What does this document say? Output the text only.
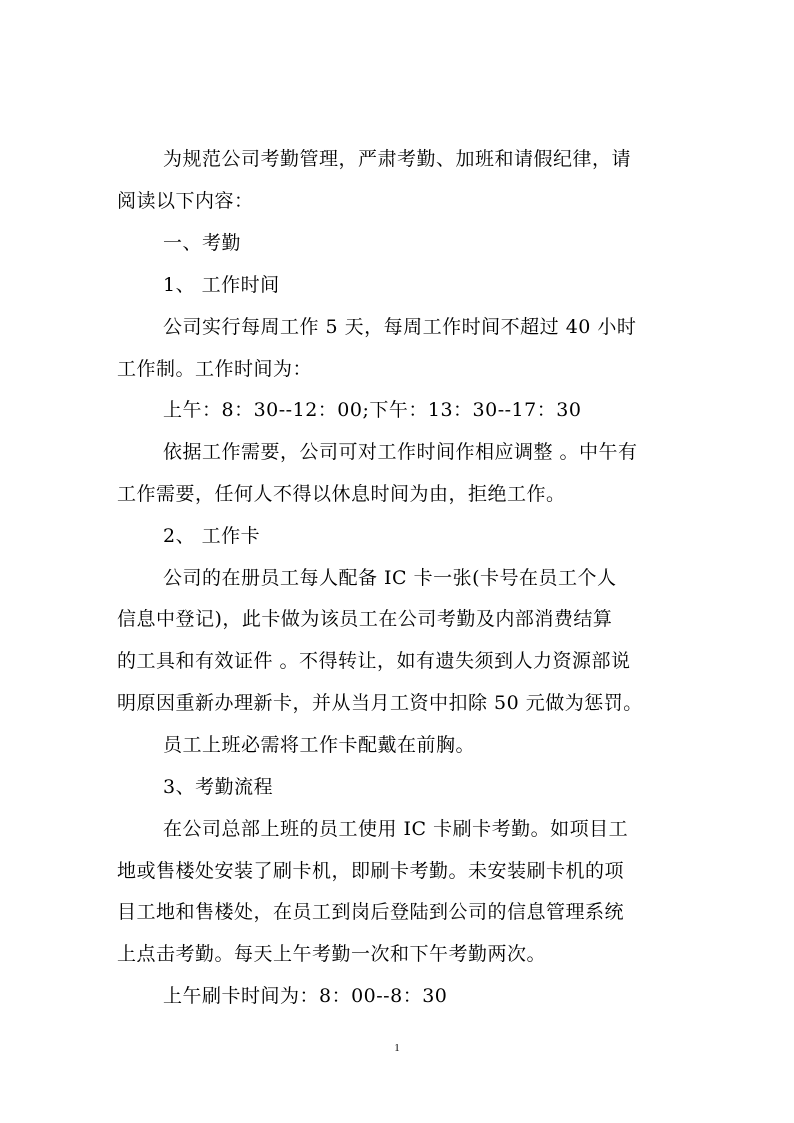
为规范公司考勤管理，严肃考勤、加班和请假纪律，请
阅读以下内容：
一、考勤
1、 工作时间
公司实行每周工作 5 天，每周工作时间不超过 40 小时
工作制。工作时间为：
上午：8：30--12：00;下午：13：30--17：30
依据工作需要，公司可对工作时间作相应调整 。中午有
工作需要，任何人不得以休息时间为由，拒绝工作。
2、 工作卡
公司的在册员工每人配备 IC 卡一张(卡号在员工个人
信息中登记)，此卡做为该员工在公司考勤及内部消费结算
的工具和有效证件 。不得转让，如有遗失须到人力资源部说
明原因重新办理新卡，并从当月工资中扣除 50 元做为惩罚。
员工上班必需将工作卡配戴在前胸。
3、考勤流程
在公司总部上班的员工使用 IC 卡刷卡考勤。如项目工
地或售楼处安装了刷卡机，即刷卡考勤。未安装刷卡机的项
目工地和售楼处，在员工到岗后登陆到公司的信息管理系统
上点击考勤。每天上午考勤一次和下午考勤两次。
上午刷卡时间为：8：00--8：30
1
